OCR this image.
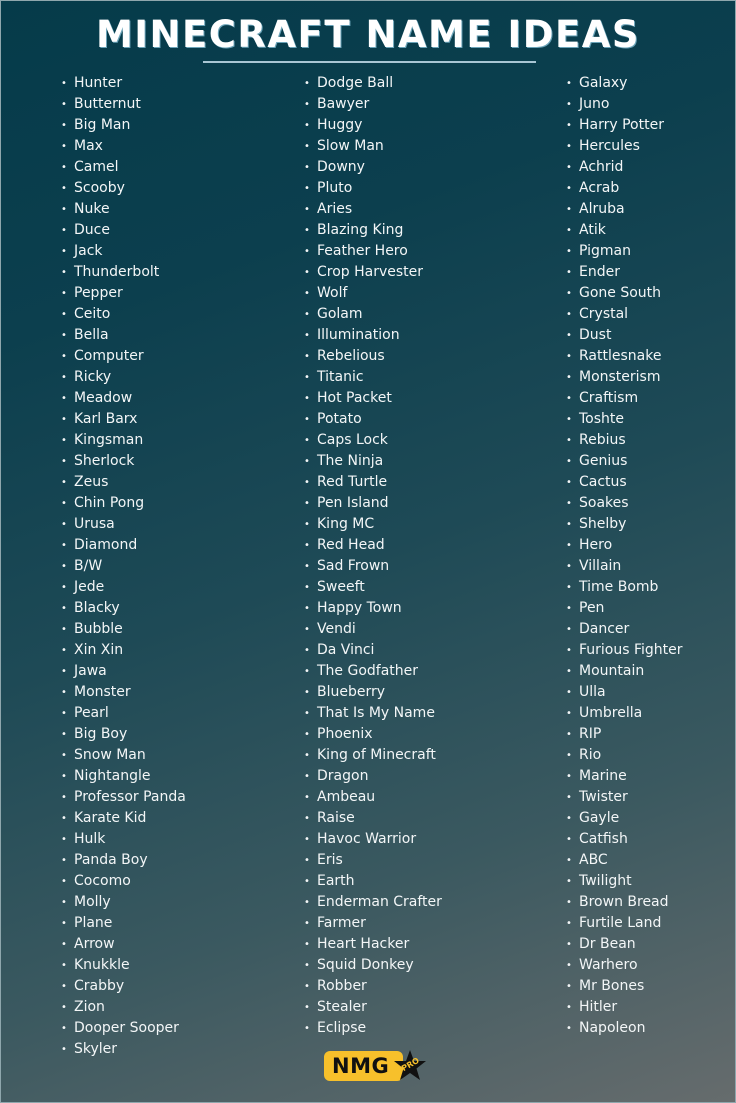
MINECRAFT NAME IDEAS
• Hunter
• Butternut
• Big Man
• Max
• Camel
• Scooby
• Nuke
• Duce
• Jack
• Thunderbolt
• Pepper
• Ceito
• Bella
• Computer
• Ricky
• Meadow
• Karl Barx
• Kingsman
• Sherlock
• Zeus
• Chin Pong
• Urusa
• Diamond
• B/W
• Jede
• Blacky
• Bubble
• Xin Xin
• Jawa
• Monster
• Pearl
• Big Boy
• Snow Man
• Nightangle
• Professor Panda
• Karate Kid
• Hulk
• Panda Boy
• Cocomo
• Molly
• Plane
• Arrow
• Knukkle
• Crabby
• Zion
• Dooper Sooper
• Skyler
• Dodge Ball
• Bawyer
• Huggy
• Slow Man
• Downy
• Pluto
• Aries
• Blazing King
• Feather Hero
• Crop Harvester
• Wolf
• Golam
• Illumination
• Rebelious
• Titanic
• Hot Packet
• Potato
• Caps Lock
• The Ninja
• Red Turtle
• Pen Island
• King MC
• Red Head
• Sad Frown
• Sweeft
• Happy Town
• Vendi
• Da Vinci
• The Godfather
• Blueberry
• That Is My Name
• Phoenix
• King of Minecraft
• Dragon
• Ambeau
• Raise
• Havoc Warrior
• Eris
• Earth
• Enderman Crafter
• Farmer
• Heart Hacker
• Squid Donkey
• Robber
• Stealer
• Eclipse
• Galaxy
• Juno
• Harry Potter
• Hercules
• Achrid
• Acrab
• Alruba
• Atik
• Pigman
• Ender
• Gone South
• Crystal
• Dust
• Rattlesnake
• Monsterism
• Craftism
• Toshte
• Rebius
• Genius
• Cactus
• Soakes
• Shelby
• Hero
• Villain
• Time Bomb
• Pen
• Dancer
• Furious Fighter
• Mountain
• Ulla
• Umbrella
• RIP
• Rio
• Marine
• Twister
• Gayle
• Catfish
• ABC
• Twilight
• Brown Bread
• Furtile Land
• Dr Bean
• Warhero
• Mr Bones
• Hitler
• Napoleon
NMG	PRO
